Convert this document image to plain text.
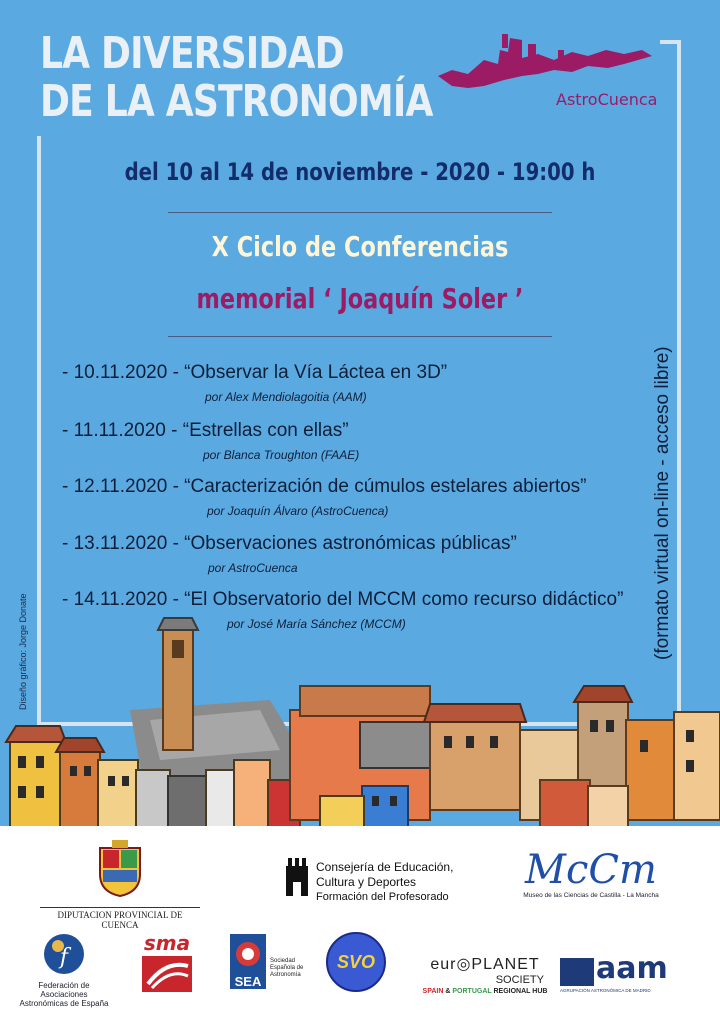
LA DIVERSIDAD
DE LA ASTRONOMÍA	AstroCuenca
del 10 al 14 de noviembre - 2020 - 19:00 h
X Ciclo de Conferencias
memorial ‘ Joaquín Soler ’
- 10.11.2020 - “Observar la Vía Láctea en 3D”
por Alex Mendiolagoitia (AAM)
- 11.11.2020 - “Estrellas con ellas”
por Blanca Troughton (FAAE)
- 12.11.2020 - “Caracterización de cúmulos estelares abiertos”
por Joaquín Álvaro (AstroCuenca)
- 13.11.2020 - “Observaciones astronómicas públicas”
por AstroCuenca
- 14.11.2020 - “El Observatorio del MCCM como recurso didáctico”
por José María Sánchez (MCCM)	(formato virtual on-line - acceso libre)
Diseño gráfico: Jorge Donate
DIPUTACION PROVINCIAL DE CUENCA
Consejería de Educación,
Cultura y Deportes
Formación del Profesorado
McCm
Museo de las Ciencias de Castilla - La Mancha
f
Federación de Asociaciones
Astronómicas de España
sma
SEA
Sociedad
Española de
Astronomía
SVO	eur◎PLANET
SOCIETY
SPAIN & PORTUGAL REGIONAL HUB
aam
AGRUPACIÓN ASTRONÓMICA DE MADRID
